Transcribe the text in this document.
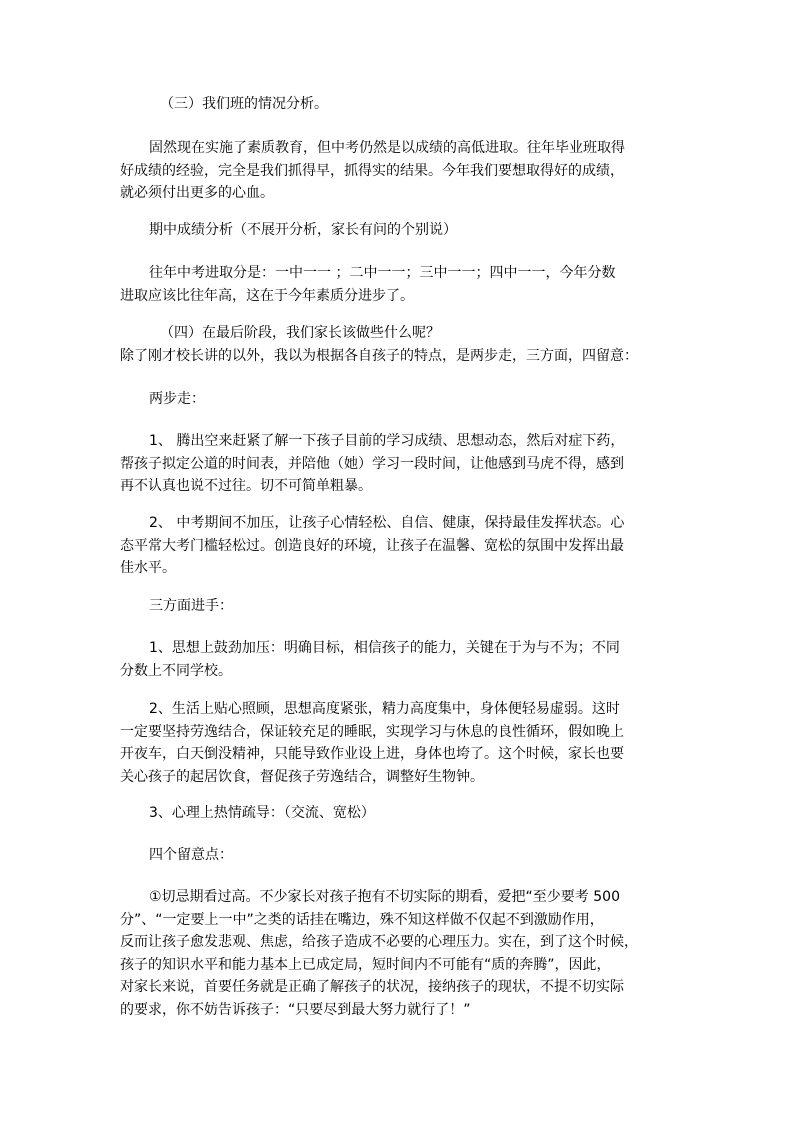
（三）我们班的情况分析。

固然现在实施了素质教育，但中考仍然是以成绩的高低进取。往年毕业班取得
好成绩的经验，完全是我们抓得早，抓得实的结果。今年我们要想取得好的成绩，
就必须付出更多的心血。

期中成绩分析（不展开分析，家长有问的个别说）

往年中考进取分是：一中一一 ；二中一一；三中一一；四中一一，今年分数
进取应该比往年高，这在于今年素质分进步了。

（四）在最后阶段，我们家长该做些什么呢？
除了刚才校长讲的以外，我以为根据各自孩子的特点，是两步走，三方面，四留意：

两步走：

1、 腾出空来赶紧了解一下孩子目前的学习成绩、思想动态，然后对症下药，
帮孩子拟定公道的时间表，并陪他（她）学习一段时间，让他感到马虎不得，感到
再不认真也说不过往。切不可简单粗暴。

2、 中考期间不加压，让孩子心情轻松、自信、健康，保持最佳发挥状态。心
态平常大考门槛轻松过。创造良好的环境，让孩子在温馨、宽松的氛围中发挥出最
佳水平。

三方面进手：

1、思想上鼓劲加压：明确目标，相信孩子的能力，关键在于为与不为；不同
分数上不同学校。

2、生活上贴心照顾，思想高度紧张，精力高度集中，身体便轻易虚弱。这时
一定要坚持劳逸结合，保证较充足的睡眠，实现学习与休息的良性循环，假如晚上
开夜车，白天倒没精神，只能导致作业设上进，身体也垮了。这个时候，家长也要
关心孩子的起居饮食，督促孩子劳逸结合，调整好生物钟。

3、心理上热情疏导：（交流、宽松）

四个留意点：

①切忌期看过高。不少家长对孩子抱有不切实际的期看，爱把“至少要考 500
分”、“一定要上一中”之类的话挂在嘴边，殊不知这样做不仅起不到激励作用，
反而让孩子愈发悲观、焦虑，给孩子造成不必要的心理压力。实在，到了这个时候，
孩子的知识水平和能力基本上已成定局，短时间内不可能有“质的奔腾”，因此，
对家长来说，首要任务就是正确了解孩子的状况，接纳孩子的现状，不提不切实际
的要求，你不妨告诉孩子：“只要尽到最大努力就行了！”
